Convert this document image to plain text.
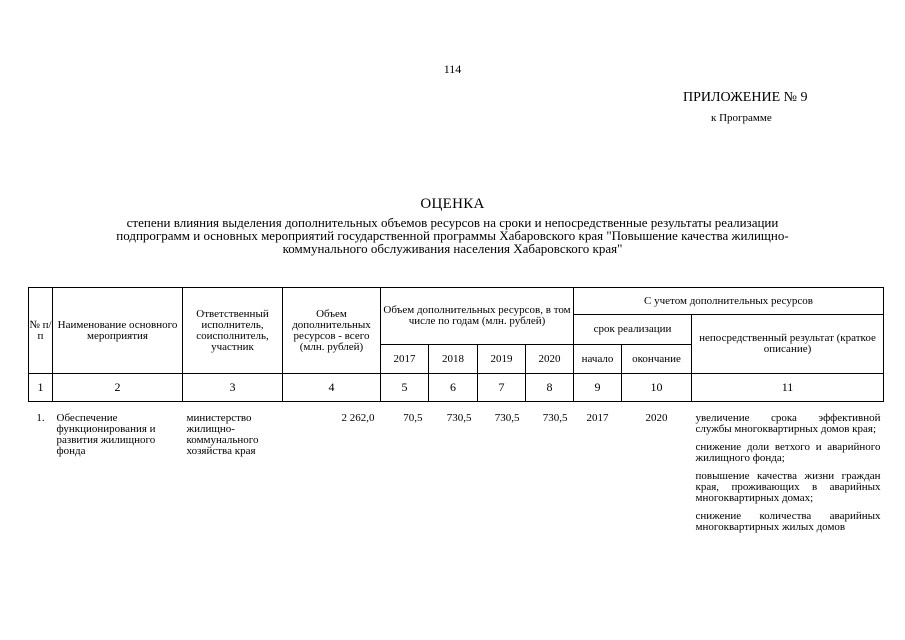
114
ПРИЛОЖЕНИЕ № 9
к Программе
ОЦЕНКА
степени влияния выделения дополнительных объемов ресурсов на сроки и непосредственные результаты реализации
подпрограмм и основных мероприятий государственной программы Хабаровского края "Повышение качества жилищно-
коммунального обслуживания населения Хабаровского края"
№ п/п	Наименование основного мероприятия	Ответственный исполнитель, соисполнитель, участник	Объем дополнительных ресурсов - всего (млн. рублей)	Объем дополнительных ресурсов, в том числе по годам (млн. рублей)				С учетом дополнительных ресурсов		
								срок реализации		непосредственный результат (краткое описание)
				2017	2018	2019	2020	начало	окончание	
1	2	3	4	5	6	7	8	9	10	11

1.	Обеспечение функционирования и развития жилищного фонда	министерство жилищно-коммунального хозяйства края	2 262,0	70,5	730,5	730,5	730,5	2017	2020	увеличение срока эффективной службы многоквартирных домов края;
снижение доли ветхого и аварийного жилищного фонда;
повышение качества жизни граждан края, проживающих в аварийных многоквартирных домах;
снижение количества аварийных многоквартирных жилых домов
